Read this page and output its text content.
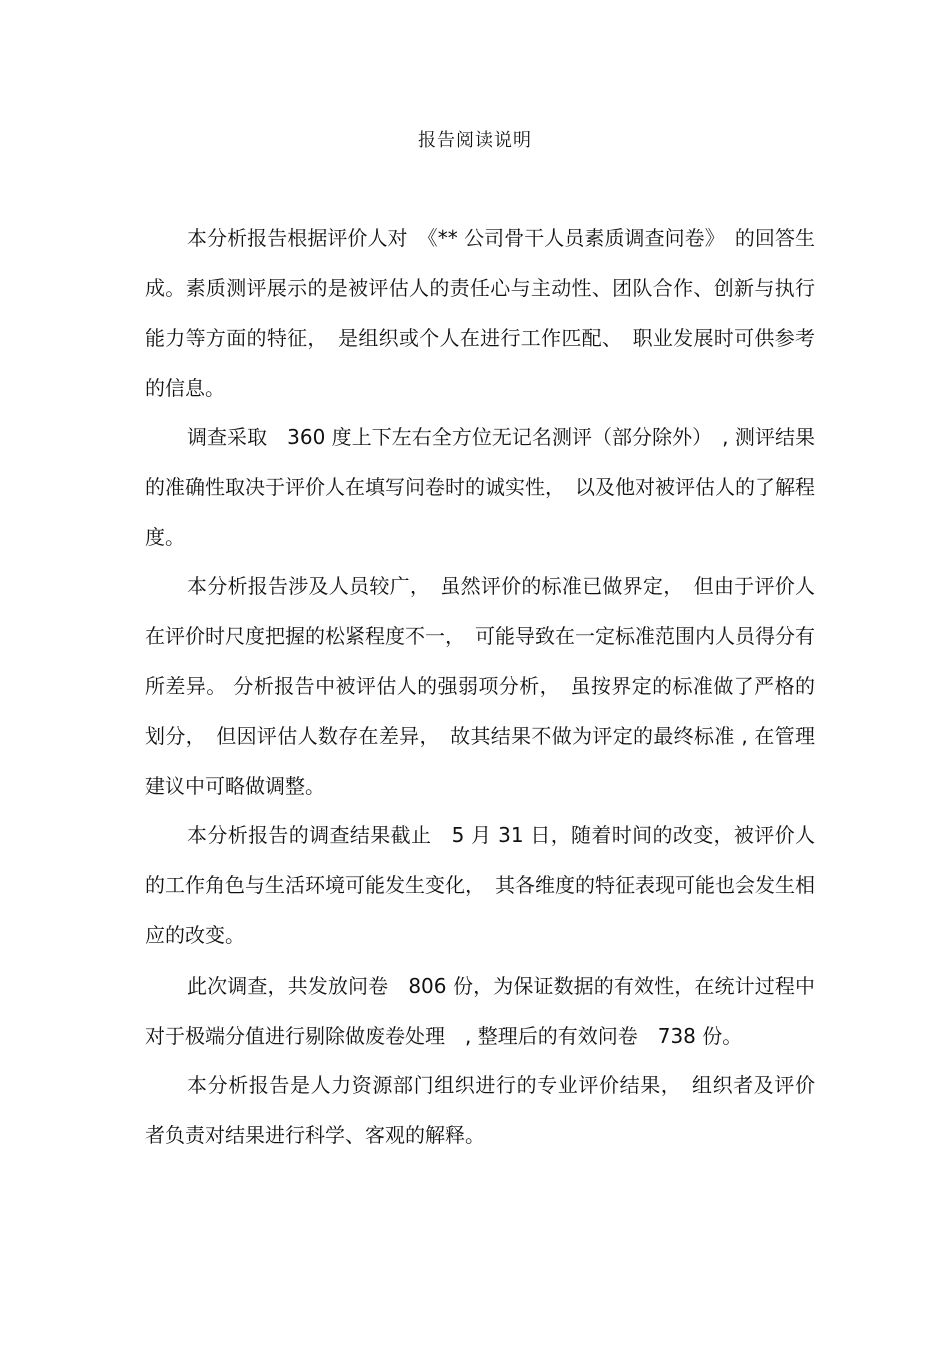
报告阅读说明

本分析报告根据评价人对　《** 公司骨干人员素质调查问卷》　的回答生成。素质测评展示的是被评估人的责任心与主动性、团队合作、创新与执行能力等方面的特征，　是组织或个人在进行工作匹配、　职业发展时可供参考的信息。

调查采取　360 度上下左右全方位无记名测评（部分除外）　, 测评结果的准确性取决于评价人在填写问卷时的诚实性，　以及他对被评估人的了解程度。

本分析报告涉及人员较广，　虽然评价的标准已做界定，　但由于评价人在评价时尺度把握的松紧程度不一，　可能导致在一定标准范围内人员得分有所差异。 分析报告中被评估人的强弱项分析，　虽按界定的标准做了严格的划分，　但因评估人数存在差异，　故其结果不做为评定的最终标准 , 在管理建议中可略做调整。

本分析报告的调查结果截止　5 月 31 日，随着时间的改变，被评价人的工作角色与生活环境可能发生变化，　其各维度的特征表现可能也会发生相应的改变。

此次调查，共发放问卷　806 份，为保证数据的有效性，在统计过程中对于极端分值进行剔除做废卷处理　, 整理后的有效问卷　738 份。

本分析报告是人力资源部门组织进行的专业评价结果，　组织者及评价者负责对结果进行科学、客观的解释。
